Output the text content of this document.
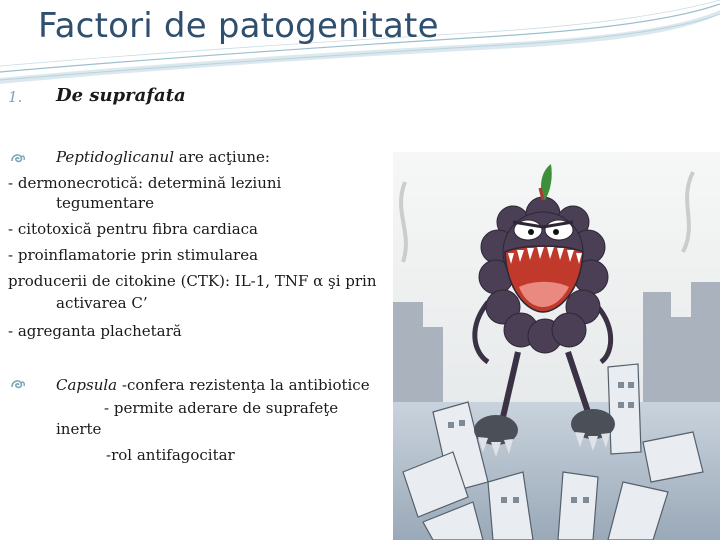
Factori de patogenitate
1. De suprafata
Peptidoglicanul are acţiune:
- dermonecrotică: determină leziuni
tegumentare
- citotoxică pentru fibra cardiaca
- proinflamatorie prin stimularea
producerii de citokine (CTK): IL-1, TNF α şi prin
activarea C’
- agreganta plachetară
Capsula -confera rezistenţa la antibiotice
- permite aderare de suprafeţe
inerte
-rol antifagocitar
